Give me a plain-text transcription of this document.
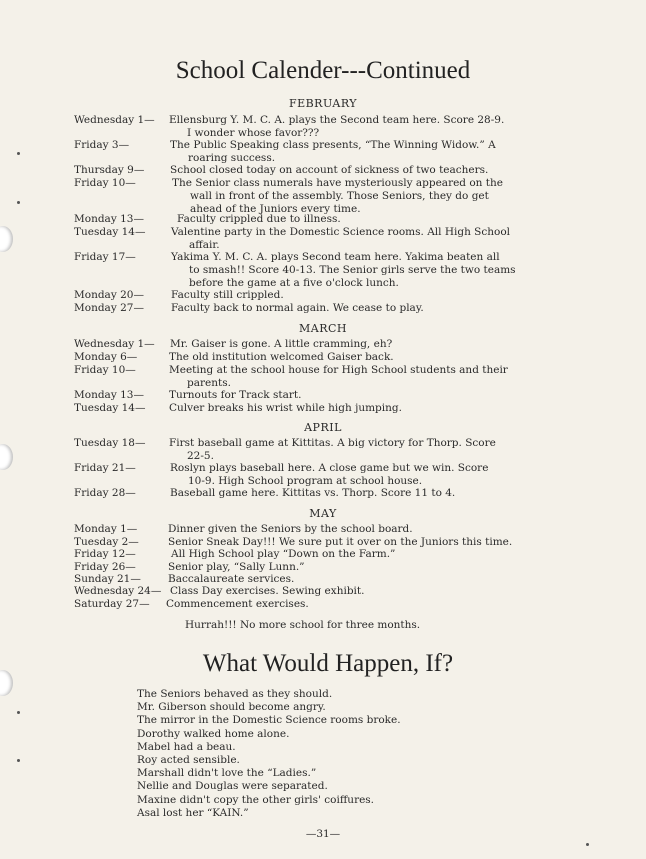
School Calender---Continued
FEBRUARY
Wednesday 1— Ellensburg Y. M. C. A. plays the Second team here. Score 28-9.
I wonder whose favor???
Friday 3—	The Public Speaking class presents, “The Winning Widow.” A
roaring success.
Thursday 9— School closed today on account of sickness of two teachers.
Friday 10—	The Senior class numerals have mysteriously appeared on the
wall in front of the assembly. Those Seniors, they do get
ahead of the Juniors every time.
Monday 13—	Faculty crippled due to illness.
Tuesday 14— Valentine party in the Domestic Science rooms. All High School
affair.
Friday 17—	Yakima Y. M. C. A. plays Second team here. Yakima beaten all
to smash!! Score 40-13. The Senior girls serve the two teams
before the game at a five o'clock lunch.
Monday 20—	Faculty still crippled.
Monday 27—	Faculty back to normal again. We cease to play.
MARCH
Wednesday 1— Mr. Gaiser is gone. A little cramming, eh?
Monday 6—	The old institution welcomed Gaiser back.
Friday 10—	Meeting at the school house for High School students and their
parents.
Monday 13— Turnouts for Track start.
Tuesday 14— Culver breaks his wrist while high jumping.
APRIL
Tuesday 18— First baseball game at Kittitas. A big victory for Thorp. Score
22-5.
Friday 21—	Roslyn plays baseball here. A close game but we win. Score
10-9. High School program at school house.
Friday 28—	Baseball game here. Kittitas vs. Thorp. Score 11 to 4.
MAY
Monday 1—	Dinner given the Seniors by the school board.
Tuesday 2—	Senior Sneak Day!!! We sure put it over on the Juniors this time.
Friday 12—	All High School play “Down on the Farm.”
Friday 26—	Senior play, “Sally Lunn.”
Sunday 21—	Baccalaureate services.
Wednesday 24— Class Day exercises. Sewing exhibit.
Saturday 27— Commencement exercises.
Hurrah!!! No more school for three months.
What Would Happen, If?
The Seniors behaved as they should.
Mr. Giberson should become angry.
The mirror in the Domestic Science rooms broke.
Dorothy walked home alone.
Mabel had a beau.
Roy acted sensible.
Marshall didn't love the “Ladies.”
Nellie and Douglas were separated.
Maxine didn't copy the other girls' coiffures.
Asal lost her “KAIN.”
—31—
